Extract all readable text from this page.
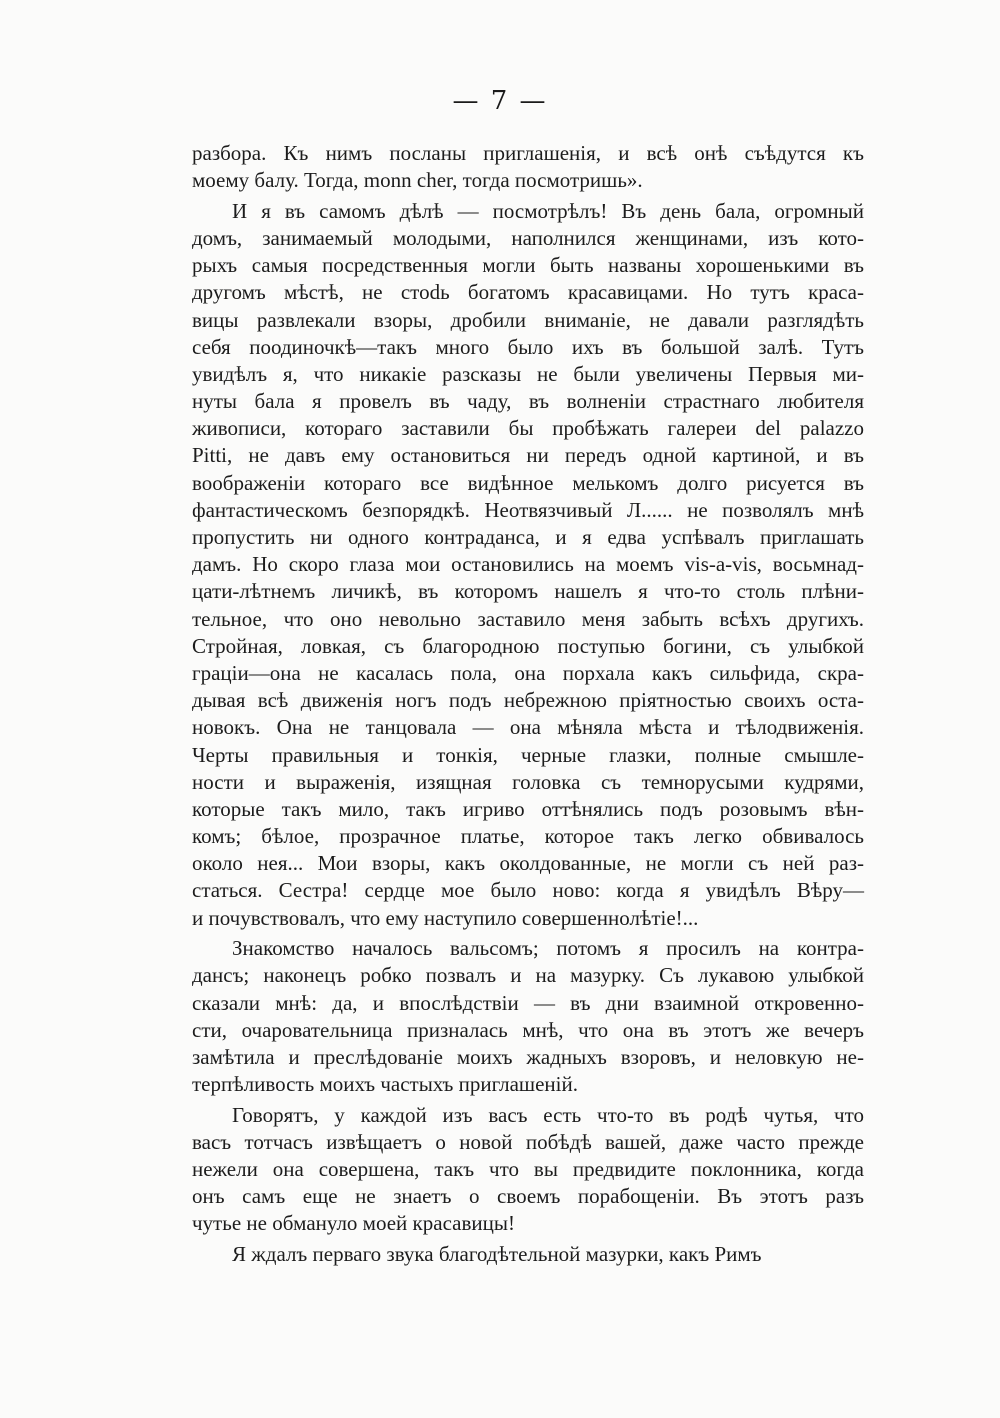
— 7 —
разбора. Къ нимъ посланы приглашенія, и всѣ онѣ съѣдутся къ
моему балу. Тогда, monn cher, тогда посмотришь».
И я въ самомъ дѣлѣ — посмотрѣлъ! Въ день бала, огромный
домъ, занимаемый молодыми, наполнился женщинами, изъ кото-
рыхъ самыя посредственныя могли быть названы хорошенькими въ
другомъ мѣстѣ, не стоdь богатомъ красавицами. Но тутъ краса-
вицы развлекали взоры, дробили вниманіе, не давали разглядѣть
себя поодиночкѣ—такъ много было ихъ въ большой залѣ. Тутъ
увидѣлъ я, что никакіе разсказы не были увеличены Первыя ми-
нуты бала я провелъ въ чаду, въ волненіи страстнаго любителя
живописи, котораго заставили бы пробѣжать галереи del palazzo
Pitti, не давъ ему остановиться ни передъ одной картиной, и въ
воображеніи котораго все видѣнное мелькомъ долго рисуется въ
фантастическомъ безпорядкѣ. Неотвязчивый Л...... не позволялъ мнѣ
пропустить ни одного контраданса, и я едва успѣвалъ приглашать
дамъ. Но скоро глаза мои остановились на моемъ vis-a-vis, восьмнад-
цати-лѣтнемъ личикѣ, въ которомъ нашелъ я что-то столь плѣни-
тельное, что оно невольно заставило меня забыть всѣхъ другихъ.
Стройная, ловкая, съ благородною поступью богини, съ улыбкой
граціи—она не касалась пола, она порхала какъ сильфида, скра-
дывая всѣ движенія ногъ подъ небрежною пріятностью своихъ оста-
новокъ. Она не танцовала — она мѣняла мѣста и тѣлодвиженія.
Черты правильныя и тонкія, черные глазки, полные смышле-
ности и выраженія, изящная головка съ темнорусыми кудрями,
которые такъ мило, такъ игриво оттѣнялись подъ розовымъ вѣн-
комъ; бѣлое, прозрачное платье, которое такъ легко обвивалось
около нея... Мои взоры, какъ околдованные, не могли съ ней раз-
статься. Сестра! сердце мое было ново: когда я увидѣлъ Вѣру—
и почувствовалъ, что ему наступило совершеннолѣтіе!...
Знакомство началось вальсомъ; потомъ я просилъ на контра-
дансъ; наконецъ робко позвалъ и на мазурку. Съ лукавою улыбкой
сказали мнѣ: да, и впослѣдствіи — въ дни взаимной откровенно-
сти, очаровательница призналась мнѣ, что она въ этотъ же вечеръ
замѣтила и преслѣдованіе моихъ жадныхъ взоровъ, и неловкую не-
терпѣливость моихъ частыхъ приглашеній.
Говорятъ, у каждой изъ васъ есть что-то въ родѣ чутья, что
васъ тотчасъ извѣщаетъ о новой побѣдѣ вашей, даже часто прежде
нежели она совершена, такъ что вы предвидите поклонника, когда
онъ самъ еще не знаетъ о своемъ порабощеніи. Въ этотъ разъ
чутье не обмануло моей красавицы!
Я ждалъ перваго звука благодѣтельной мазурки, какъ Римъ
